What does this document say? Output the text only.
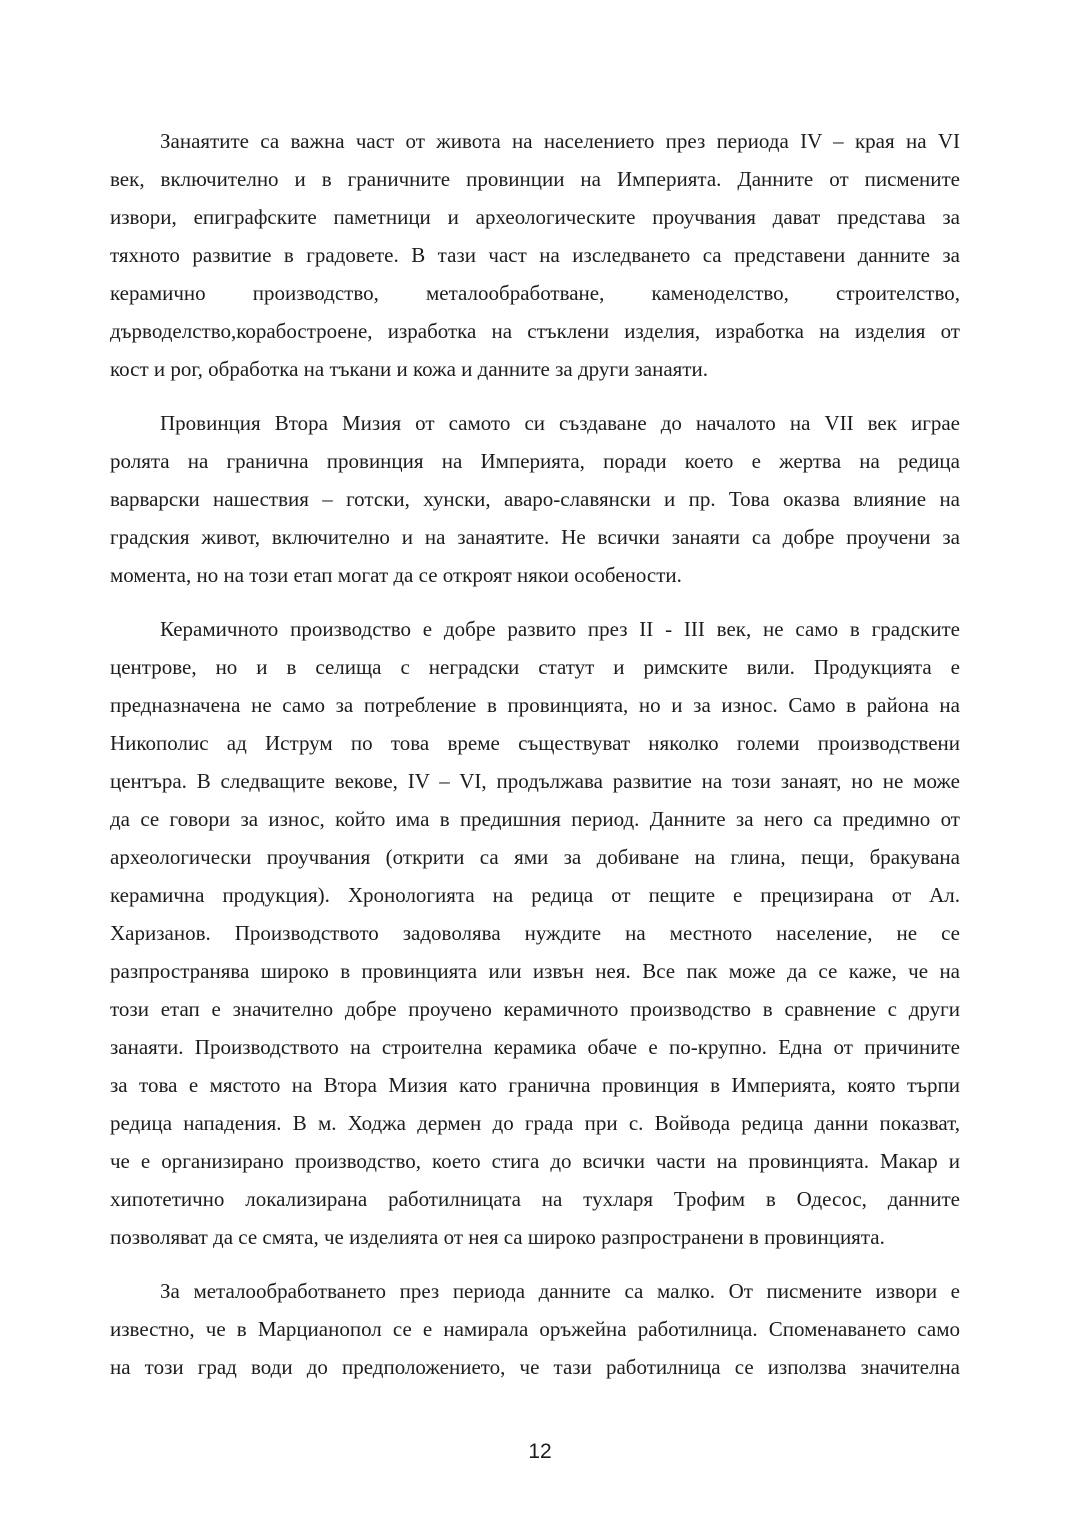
Занаятите са важна част от живота на населението през периода IV – края на VI
век, включително и в граничните провинции на Империята. Данните от писмените
извори, епиграфските паметници и археологическите проучвания дават представа за
тяхното развитие в градовете. В тази част на изследването са представени данните за
керамично производство, металообработване, каменоделство, строителство,
дърводелство,корабостроене, изработка на стъклени изделия, изработка на изделия от
кост и рог, обработка на тъкани и кожа и данните за други занаяти.

Провинция Втора Мизия от самото си създаване до началото на VII век играе
ролята на гранична провинция на Империята, поради което е жертва на редица
варварски нашествия – готски, хунски, аваро-славянски и пр. Това оказва влияние на
градския живот, включително и на занаятите. Не всички занаяти са добре проучени за
момента, но на този етап могат да се откроят някои особености.

Керамичното производство е добре развито през II - III век, не само в градските
центрове, но и в селища с неградски статут и римските вили. Продукцията е
предназначена не само за потребление в провинцията, но и за износ. Само в района на
Никополис ад Иструм по това време съществуват няколко големи производствени
центъра. В следващите векове, IV – VI, продължава развитие на този занаят, но не може
да се говори за износ, който има в предишния период. Данните за него са предимно от
археологически проучвания (открити са ями за добиване на глина, пещи, бракувана
керамична продукция). Хронологията на редица от пещите е прецизирана от Ал.
Харизанов. Производството задоволява нуждите на местното население, не се
разпространява широко в провинцията или извън нея. Все пак може да се каже, че на
този етап е значително добре проучено керамичното производство в сравнение с други
занаяти. Производството на строителна керамика обаче е по-крупно. Една от причините
за това е мястото на Втора Мизия като гранична провинция в Империята, която търпи
редица нападения. В м. Ходжа дермен до града при с. Войвода редица данни показват,
че е организирано производство, което стига до всички части на провинцията. Макар и
хипотетично локализирана работилницата на тухларя Трофим в Одесос, данните
позволяват да се смята, че изделията от нея са широко разпространени в провинцията.

За металообработването през периода данните са малко. От писмените извори е
известно, че в Марцианопол се е намирала оръжейна работилница. Споменаването само
на този град води до предположението, че тази работилница се използва значителна

12
